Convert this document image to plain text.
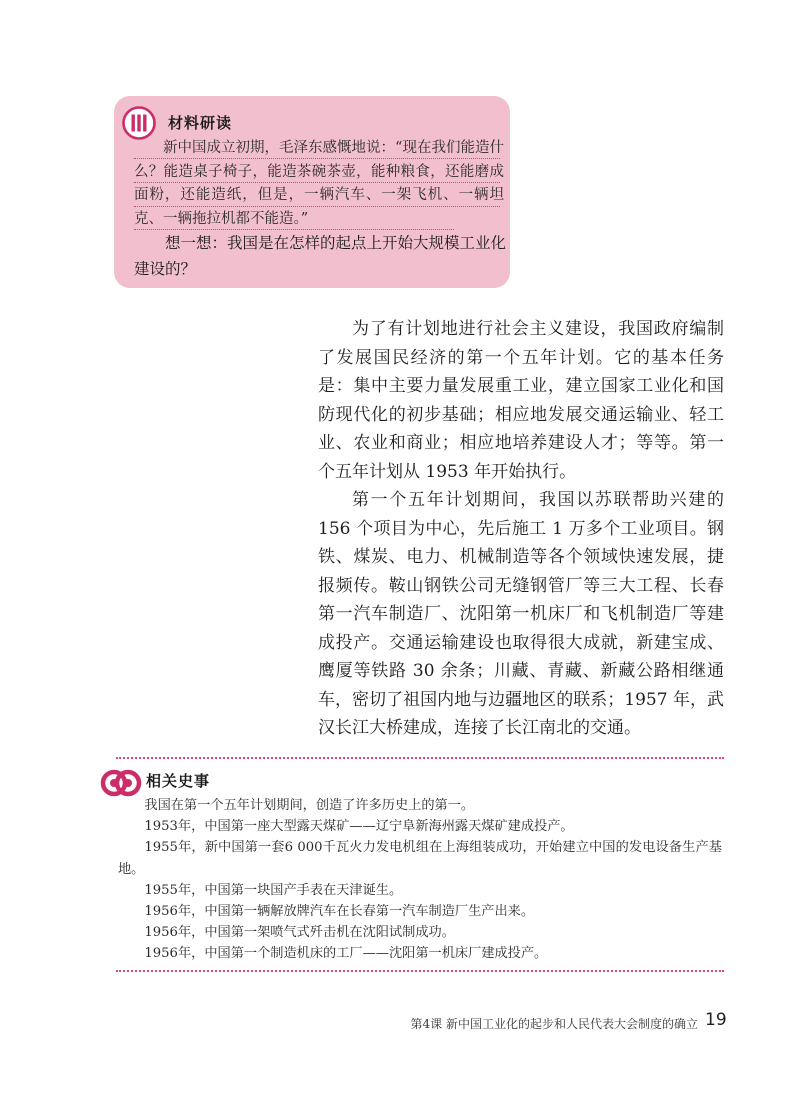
材料研读

新中国成立初期，毛泽东感慨地说：“现在我们能造什么？能造桌子椅子，能造茶碗茶壶，能种粮食，还能磨成面粉，还能造纸，但是，一辆汽车、一架飞机、一辆坦克、一辆拖拉机都不能造。”

想一想：我国是在怎样的起点上开始大规模工业化建设的？

为了有计划地进行社会主义建设，我国政府编制了发展国民经济的第一个五年计划。它的基本任务是：集中主要力量发展重工业，建立国家工业化和国防现代化的初步基础；相应地发展交通运输业、轻工业、农业和商业；相应地培养建设人才；等等。第一个五年计划从 1953 年开始执行。

第一个五年计划期间，我国以苏联帮助兴建的 156 个项目为中心，先后施工 1 万多个工业项目。钢铁、煤炭、电力、机械制造等各个领域快速发展，捷报频传。鞍山钢铁公司无缝钢管厂等三大工程、长春第一汽车制造厂、沈阳第一机床厂和飞机制造厂等建成投产。交通运输建设也取得很大成就，新建宝成、鹰厦等铁路 30 余条；川藏、青藏、新藏公路相继通车，密切了祖国内地与边疆地区的联系；1957 年，武汉长江大桥建成，连接了长江南北的交通。

相关史事

我国在第一个五年计划期间，创造了许多历史上的第一。

1953年，中国第一座大型露天煤矿——辽宁阜新海州露天煤矿建成投产。

1955年，新中国第一套6 000千瓦火力发电机组在上海组装成功，开始建立中国的发电设备生产基地。

1955年，中国第一块国产手表在天津诞生。

1956年，中国第一辆解放牌汽车在长春第一汽车制造厂生产出来。

1956年，中国第一架喷气式歼击机在沈阳试制成功。

1956年，中国第一个制造机床的工厂——沈阳第一机床厂建成投产。

第4课 新中国工业化的起步和人民代表大会制度的确立 19
